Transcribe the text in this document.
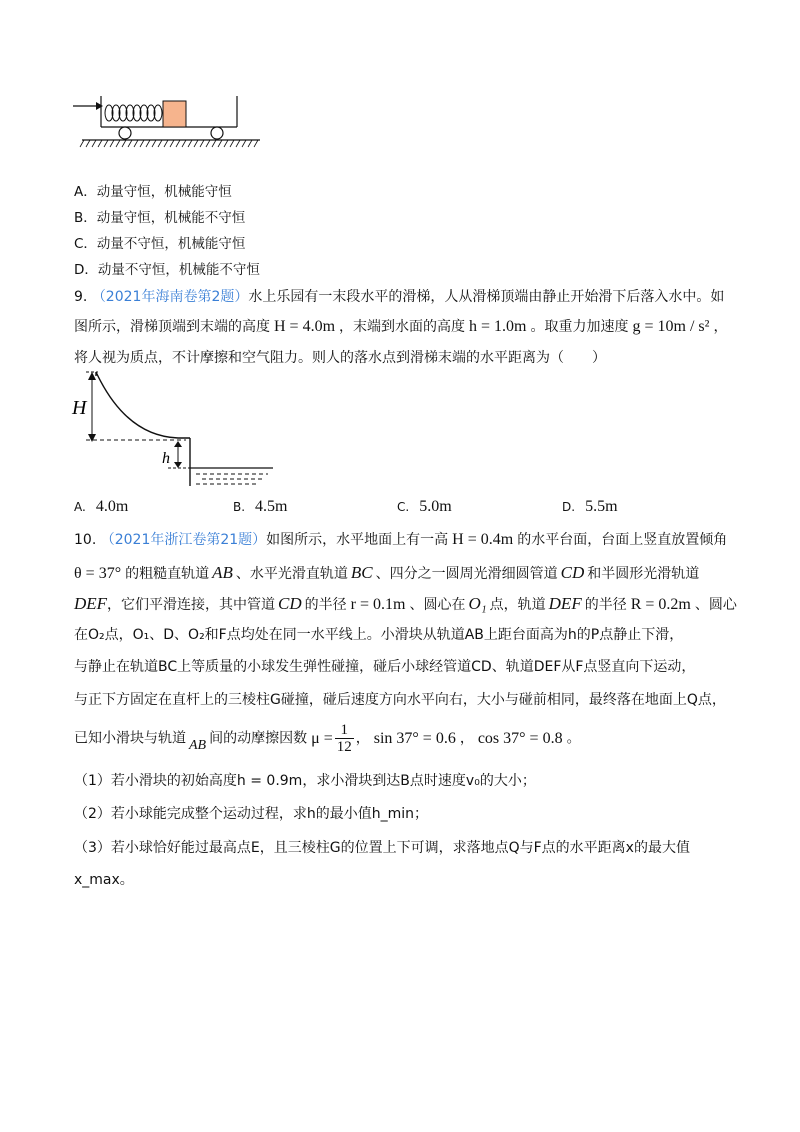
A．动量守恒，机械能守恒
B．动量守恒，机械能不守恒
C．动量不守恒，机械能守恒
D．动量不守恒，机械能不守恒
9. （2021年海南卷第2题）水上乐园有一末段水平的滑梯，人从滑梯顶端由静止开始滑下后落入水中。如
图所示，滑梯顶端到末端的高度 H = 4.0m ，末端到水面的高度 h = 1.0m 。取重力加速度 g = 10m / s² ，
将人视为质点，不计摩擦和空气阻力。则人的落水点到滑梯末端的水平距离为（　　）
H
h
A. 4.0m	B. 4.5m	C. 5.0m	D. 5.5m
10. （2021年浙江卷第21题）如图所示，水平地面上有一高 H = 0.4m 的水平台面，台面上竖直放置倾角
θ = 37° 的粗糙直轨道 AB 、水平光滑直轨道 BC 、四分之一圆周光滑细圆管道 CD 和半圆形光滑轨道
DEF，它们平滑连接，其中管道 CD 的半径 r = 0.1m 、圆心在 O₁ 点，轨道 DEF 的半径 R = 0.2m 、圆心
在O₂点，O₁、D、O₂和F点均处在同一水平线上。小滑块从轨道AB上距台面高为h的P点静止下滑，
与静止在轨道BC上等质量的小球发生弹性碰撞，碰后小球经管道CD、轨道DEF从F点竖直向下运动，
与正下方固定在直杆上的三棱柱G碰撞，碰后速度方向水平向右，大小与碰前相同，最终落在地面上Q点，
已知小滑块与轨道 AB 间的动摩擦因数 $\mu = \frac{1}{12}$ ， sin 37° = 0.6 ， cos 37° = 0.8 。
（1）若小滑块的初始高度h = 0.9m，求小滑块到达B点时速度v₀的大小；
（2）若小球能完成整个运动过程，求h的最小值h_min；
（3）若小球恰好能过最高点E，且三棱柱G的位置上下可调，求落地点Q与F点的水平距离x的最大值
x_max。
